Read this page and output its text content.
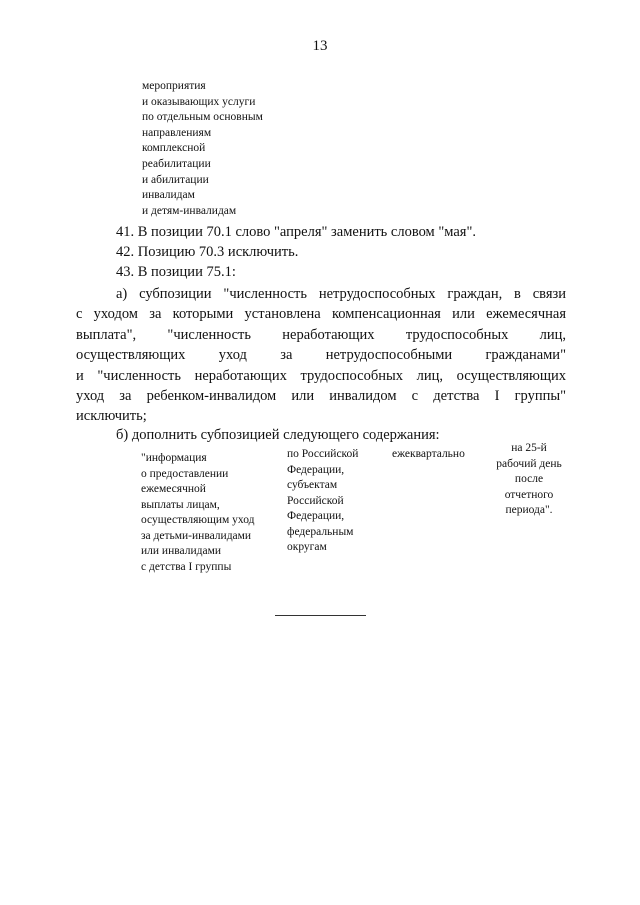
13
мероприятия
и оказывающих услуги
по отдельным основным
направлениям
комплексной
реабилитации
и абилитации
инвалидам
и детям-инвалидам
41. В позиции 70.1 слово "апреля" заменить словом "мая".
42. Позицию 70.3 исключить.
43. В позиции 75.1:
а) субпозиции "численность нетрудоспособных граждан, в связи
с уходом за которыми установлена компенсационная или ежемесячная
выплата", "численность неработающих трудоспособных лиц,
осуществляющих уход за нетрудоспособными гражданами"
и "численность неработающих трудоспособных лиц, осуществляющих
уход за ребенком-инвалидом или инвалидом с детства I группы"
исключить;
б) дополнить субпозицией следующего содержания:
"информация
о предоставлении
ежемесячной
выплаты лицам,
осуществляющим уход
за детьми-инвалидами
или инвалидами
с детства I группы
по Российской
Федерации,
субъектам
Российской
Федерации,
федеральным
округам
ежеквартально	на 25-й
рабочий день
после
отчетного
периода".
